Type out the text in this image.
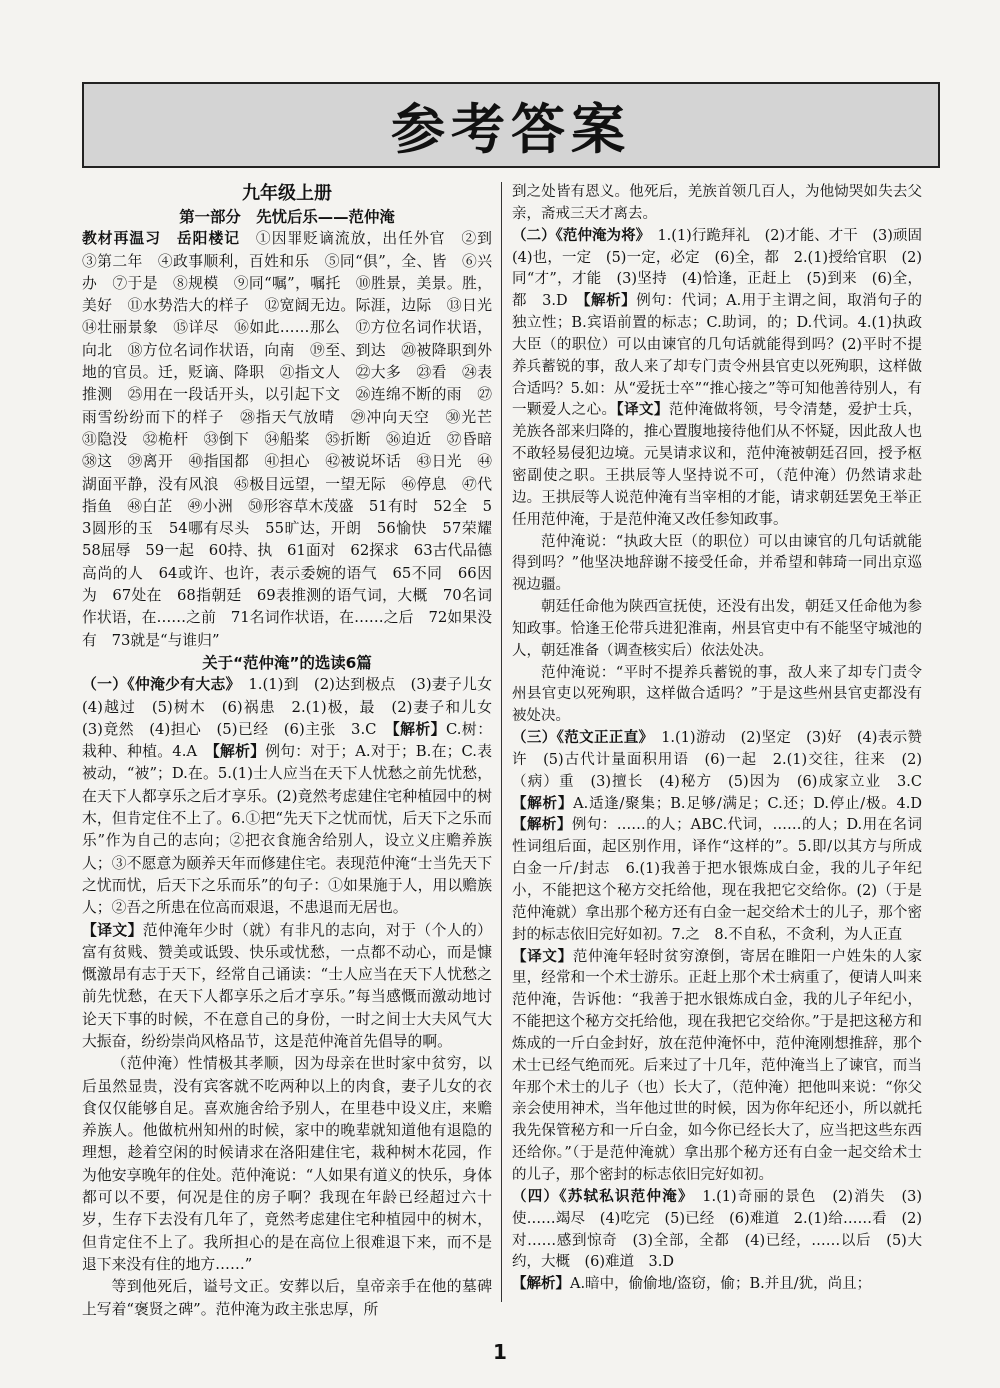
参考答案
九年级上册
第一部分　先忧后乐——范仲淹

教材再温习　岳阳楼记　 ①因罪贬谪流放，出任外官　②到　③第二年　④政事顺利，百姓和乐　⑤同“俱”，全、皆　⑥兴办　⑦于是　⑧规模　⑨同“嘱”，嘱托　⑩胜景，美景。胜，美好　⑪水势浩大的样子　⑫宽阔无边。际涯，边际　⑬日光　⑭壮丽景象　⑮详尽　⑯如此……那么　⑰方位名词作状语，向北　⑱方位名词作状语，向南　⑲至、到达　⑳被降职到外地的官员。迁，贬谪、降职　㉑指文人　㉒大多　㉓看　㉔表推测　㉕用在一段话开头，以引起下文　㉖连绵不断的雨　㉗雨雪纷纷而下的样子　㉘指天气放晴　㉙冲向天空　㉚光芒　㉛隐没　㉜桅杆　㉝倒下　㉞船桨　㉟折断　㊱迫近　㊲昏暗　㊳这　㊴离开　㊵指国都　㊶担心　㊷被说坏话　㊸日光　㊹湖面平静，没有风浪　㊺极目远望，一望无际　㊻停息　㊼代指鱼　㊽白芷　㊾小洲　㊿形容草木茂盛　51有时　52全　53圆形的玉　54哪有尽头　55旷达，开朗　56愉快　57荣耀　58屈辱　59一起　60持、执　61面对　62探求　63古代品德高尚的人　64或许、也许，表示委婉的语气　65不同　66因为　67处在　68指朝廷　69表推测的语气词，大概　70名词作状语，在……之前　71名词作状语，在……之后　72如果没有　73就是“与谁归”

关于“范仲淹”的选读6篇

（一）《仲淹少有大志》　 1.(1)到　(2)达到极点　(3)妻子儿女　(4)越过　(5)树木　(6)祸患　2.(1)极，最　(2)妻子和儿女　(3)竟然　(4)担心　(5)已经　(6)主张　3.C　【解析】C.树：栽种、种植。4.A　【解析】例句：对于；A.对于；B.在；C.表被动，“被”；D.在。5.(1)士人应当在天下人忧愁之前先忧愁，在天下人都享乐之后才享乐。(2)竟然考虑建住宅种植园中的树木，但肯定住不上了。6.①把“先天下之忧而忧，后天下之乐而乐”作为自己的志向；②把衣食施舍给别人，设立义庄赡养族人；③不愿意为颐养天年而修建住宅。表现范仲淹“士当先天下之忧而忧，后天下之乐而乐”的句子：①如果施于人，用以赡族人；②吾之所患在位高而艰退，不患退而无居也。

【译文】范仲淹年少时（就）有非凡的志向，对于（个人的）富有贫贱、赞美或诋毁、快乐或忧愁，一点都不动心，而是慷慨激昂有志于天下，经常自己诵读：“士人应当在天下人忧愁之前先忧愁，在天下人都享乐之后才享乐。”每当感慨而激动地讨论天下事的时候，不在意自己的身份，一时之间士大夫风气大大振奋，纷纷崇尚风格品节，这是范仲淹首先倡导的啊。

（范仲淹）性情极其孝顺，因为母亲在世时家中贫穷，以后虽然显贵，没有宾客就不吃两种以上的肉食，妻子儿女的衣食仅仅能够自足。喜欢施舍给予别人，在里巷中设义庄，来赡养族人。他做杭州知州的时候，家中的晚辈就知道他有退隐的理想，趁着空闲的时候请求在洛阳建住宅，栽种树木花园，作为他安享晚年的住处。范仲淹说：“人如果有道义的快乐，身体都可以不要，何况是住的房子啊？我现在年龄已经超过六十岁，生存下去没有几年了，竟然考虑建住宅种植园中的树木，但肯定住不上了。我所担心的是在高位上很难退下来，而不是退下来没有住的地方……”

等到他死后，谥号文正。安葬以后，皇帝亲手在他的墓碑上写着“褒贤之碑”。范仲淹为政主张忠厚，所

到之处皆有恩义。他死后，羌族首领几百人，为他恸哭如失去父亲，斋戒三天才离去。

（二）《范仲淹为将》　 1.(1)行跪拜礼　(2)才能、才干　(3)顽固　(4)也，一定　(5)一定，必定　(6)全，都　2.(1)授给官职　(2)同“才”，才能　(3)坚持　(4)恰逢，正赶上　(5)到来　(6)全，都　3.D　【解析】例句：代词；A.用于主谓之间，取消句子的独立性；B.宾语前置的标志；C.助词，的；D.代词。4.(1)执政大臣（的职位）可以由谏官的几句话就能得到吗？(2)平时不提养兵蓄锐的事，敌人来了却专门责令州县官吏以死殉职，这样做合适吗？5.如：从“爱抚士卒”“推心接之”等可知他善待别人，有一颗爱人之心。【译文】范仲淹做将领，号令清楚，爱护士兵，羌族各部来归降的，推心置腹地接待他们从不怀疑，因此敌人也不敢轻易侵犯边境。元昊请求议和，范仲淹被朝廷召回，授予枢密副使之职。王拱辰等人坚持说不可，（范仲淹）仍然请求赴边。王拱辰等人说范仲淹有当宰相的才能，请求朝廷罢免王举正任用范仲淹，于是范仲淹又改任参知政事。

范仲淹说：“执政大臣（的职位）可以由谏官的几句话就能得到吗？”他坚决地辞谢不接受任命，并希望和韩琦一同出京巡视边疆。

朝廷任命他为陕西宣抚使，还没有出发，朝廷又任命他为参知政事。恰逢王伦带兵进犯淮南，州县官吏中有不能坚守城池的人，朝廷准备（调查核实后）依法处决。

范仲淹说：“平时不提养兵蓄锐的事，敌人来了却专门责令州县官吏以死殉职，这样做合适吗？”于是这些州县官吏都没有被处决。

（三）《范文正正直》　 1.(1)游动　(2)坚定　(3)好　(4)表示赞许　(5)古代计量面积用语　(6)一起　2.(1)交往，往来　(2)（病）重　(3)擅长　(4)秘方　(5)因为　(6)成家立业　3.C　【解析】A.适逢/聚集；B.足够/满足；C.还；D.停止/极。4.D　【解析】例句：……的人；ABC.代词，……的人；D.用在名词性词组后面，起区别作用，译作“这样的”。5.即/以其方与所成白金一斤/封志　6.(1)我善于把水银炼成白金，我的儿子年纪小，不能把这个秘方交托给他，现在我把它交给你。(2)（于是范仲淹就）拿出那个秘方还有白金一起交给术士的儿子，那个密封的标志依旧完好如初。7.之　8.不自私，不贪利，为人正直

【译文】范仲淹年轻时贫穷潦倒，寄居在睢阳一户姓朱的人家里，经常和一个术士游乐。正赶上那个术士病重了，便请人叫来范仲淹，告诉他：“我善于把水银炼成白金，我的儿子年纪小，不能把这个秘方交托给他，现在我把它交给你。”于是把这秘方和炼成的一斤白金封好，放在范仲淹怀中，范仲淹刚想推辞，那个术士已经气绝而死。后来过了十几年，范仲淹当上了谏官，而当年那个术士的儿子（也）长大了，（范仲淹）把他叫来说：“你父亲会使用神术，当年他过世的时候，因为你年纪还小，所以就托我先保管秘方和一斤白金，如今你已经长大了，应当把这些东西还给你。”（于是范仲淹就）拿出那个秘方还有白金一起交给术士的儿子，那个密封的标志依旧完好如初。

（四）《苏轼私识范仲淹》　 1.(1)奇丽的景色　(2)消失　(3)使……竭尽　(4)吃完　(5)已经　(6)难道　2.(1)给……看　(2)对……感到惊奇　(3)全部，全都　(4)已经，……以后　(5)大约，大概　(6)难道　3.D

【解析】A.暗中，偷偷地/盗窃，偷；B.并且/犹，尚且；

1
